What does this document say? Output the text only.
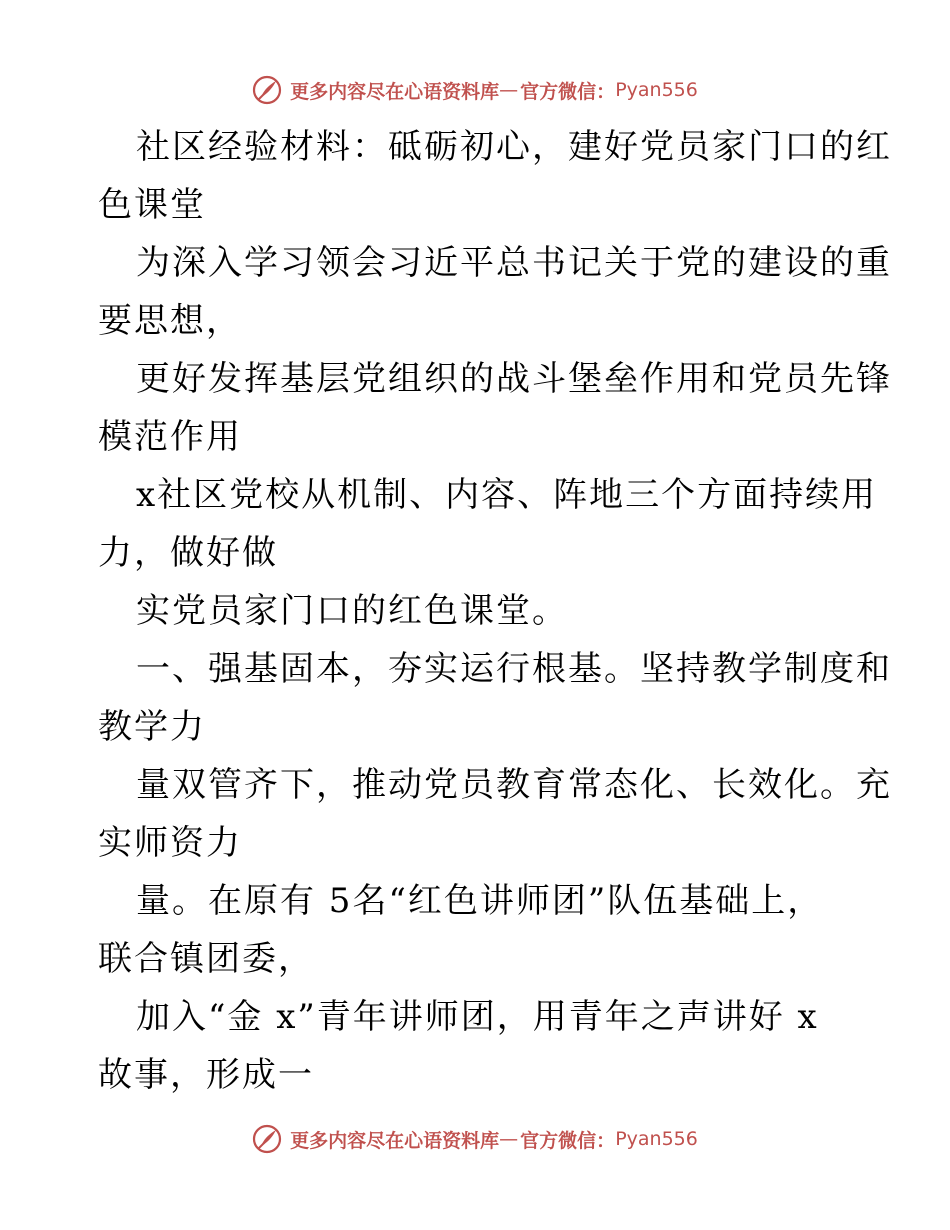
更多内容尽在心语资料库 — 官方微信： Pyan556
社区经验材料：砥砺初心，建好党员家门口的红
色课堂
为深入学习领会习近平总书记关于党的建设的重
要思想，
更好发挥基层党组织的战斗堡垒作用和党员先锋
模范作用
x社区党校从机制、内容、阵地三个方面持续用
力，做好做
实党员家门口的红色课堂。
一、强基固本，夯实运行根基。坚持教学制度和
教学力
量双管齐下，推动党员教育常态化、长效化。充
实师资力
量。在原有 5名“红色讲师团”队伍基础上，
联合镇团委，
加入“金 x”青年讲师团，用青年之声讲好 x
故事，形成一
更多内容尽在心语资料库 — 官方微信： Pyan556
